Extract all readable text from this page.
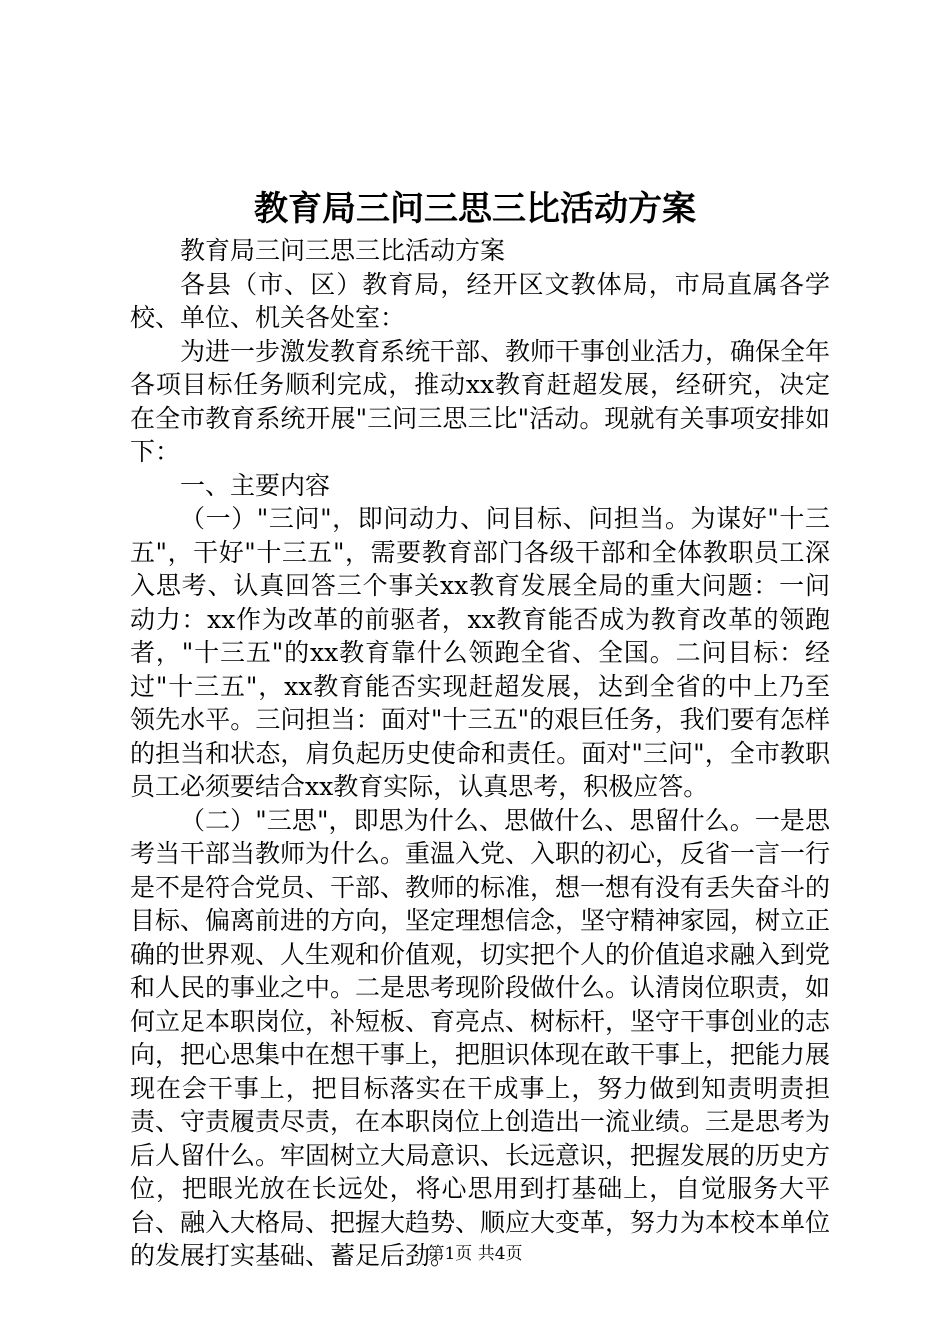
教育局三问三思三比活动方案

教育局三问三思三比活动方案

各县（市、区）教育局，经开区文教体局，市局直属各学校、单位、机关各处室：

为进一步激发教育系统干部、教师干事创业活力，确保全年各项目标任务顺利完成，推动xx教育赶超发展，经研究，决定在全市教育系统开展"三问三思三比"活动。现就有关事项安排如下：

一、主要内容

（一）"三问"，即问动力、问目标、问担当。为谋好"十三五"，干好"十三五"，需要教育部门各级干部和全体教职员工深入思考、认真回答三个事关xx教育发展全局的重大问题：一问动力：xx作为改革的前驱者，xx教育能否成为教育改革的领跑者，"十三五"的xx教育靠什么领跑全省、全国。二问目标：经过"十三五"，xx教育能否实现赶超发展，达到全省的中上乃至领先水平。三问担当：面对"十三五"的艰巨任务，我们要有怎样的担当和状态，肩负起历史使命和责任。面对"三问"，全市教职员工必须要结合xx教育实际，认真思考，积极应答。

（二）"三思"，即思为什么、思做什么、思留什么。一是思考当干部当教师为什么。重温入党、入职的初心，反省一言一行是不是符合党员、干部、教师的标准，想一想有没有丢失奋斗的目标、偏离前进的方向，坚定理想信念，坚守精神家园，树立正确的世界观、人生观和价值观，切实把个人的价值追求融入到党和人民的事业之中。二是思考现阶段做什么。认清岗位职责，如何立足本职岗位，补短板、育亮点、树标杆，坚守干事创业的志向，把心思集中在想干事上，把胆识体现在敢干事上，把能力展现在会干事上，把目标落实在干成事上，努力做到知责明责担责、守责履责尽责，在本职岗位上创造出一流业绩。三是思考为后人留什么。牢固树立大局意识、长远意识，把握发展的历史方位，把眼光放在长远处，将心思用到打基础上，自觉服务大平台、融入大格局、把握大趋势、顺应大变革，努力为本校本单位的发展打实基础、蓄足后劲。

第1页 共4页
